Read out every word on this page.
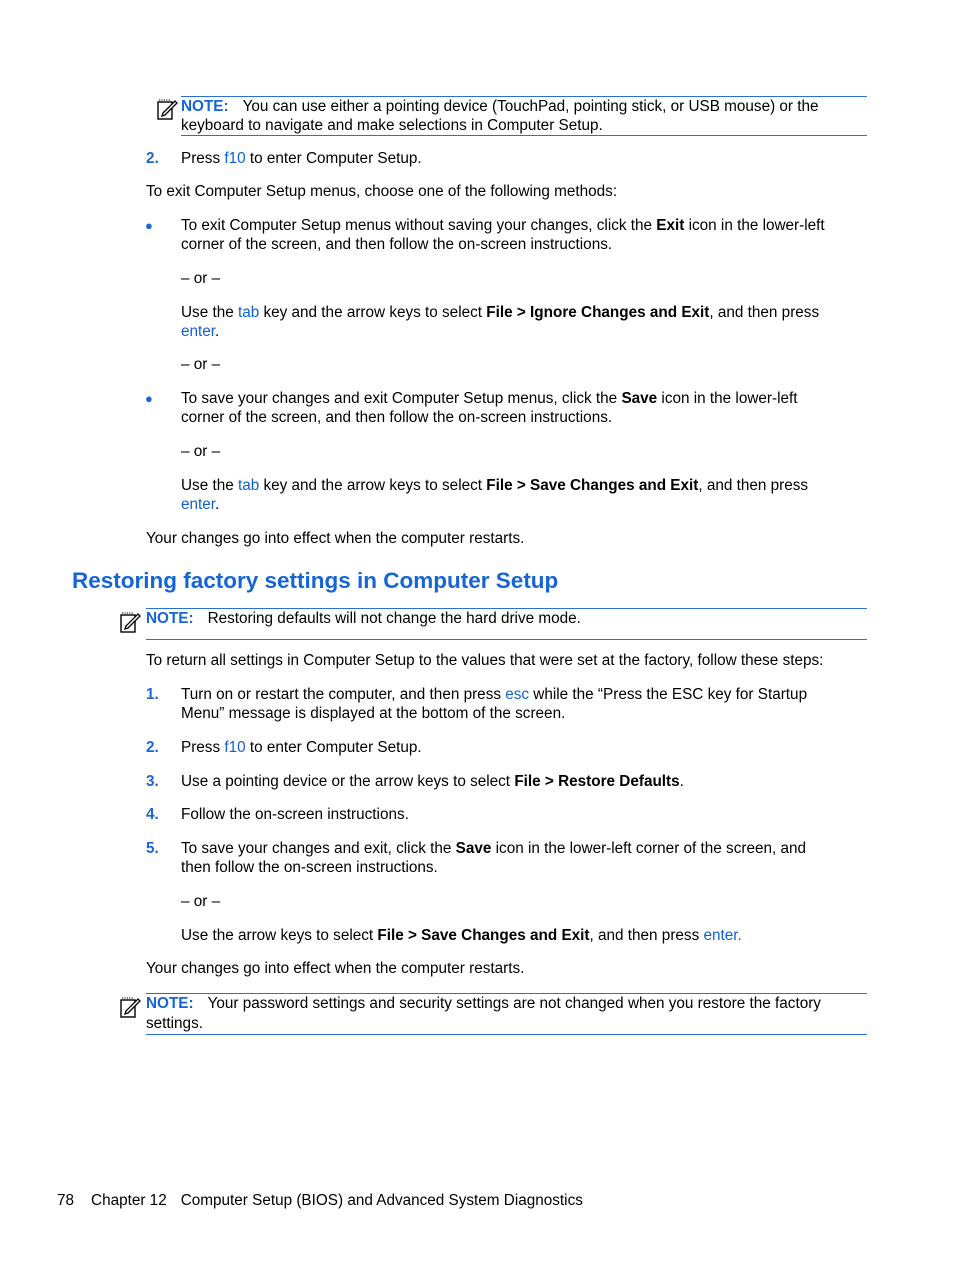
NOTE: You can use either a pointing device (TouchPad, pointing stick, or USB mouse) or the
keyboard to navigate and make selections in Computer Setup.
2. Press f10 to enter Computer Setup.
To exit Computer Setup menus, choose one of the following methods:
● To exit Computer Setup menus without saving your changes, click the Exit icon in the lower-left
corner of the screen, and then follow the on-screen instructions.
– or –
Use the tab key and the arrow keys to select File > Ignore Changes and Exit, and then press
enter.
– or –
● To save your changes and exit Computer Setup menus, click the Save icon in the lower-left
corner of the screen, and then follow the on-screen instructions.
– or –
Use the tab key and the arrow keys to select File > Save Changes and Exit, and then press
enter.
Your changes go into effect when the computer restarts.
Restoring factory settings in Computer Setup
NOTE: Restoring defaults will not change the hard drive mode.
To return all settings in Computer Setup to the values that were set at the factory, follow these steps:
1. Turn on or restart the computer, and then press esc while the “Press the ESC key for Startup
Menu” message is displayed at the bottom of the screen.
2. Press f10 to enter Computer Setup.
3. Use a pointing device or the arrow keys to select File > Restore Defaults.
4. Follow the on-screen instructions.
5. To save your changes and exit, click the Save icon in the lower-left corner of the screen, and
then follow the on-screen instructions.
– or –
Use the arrow keys to select File > Save Changes and Exit, and then press enter.
Your changes go into effect when the computer restarts.
NOTE: Your password settings and security settings are not changed when you restore the factory
settings.
78 Chapter 12 Computer Setup (BIOS) and Advanced System Diagnostics
